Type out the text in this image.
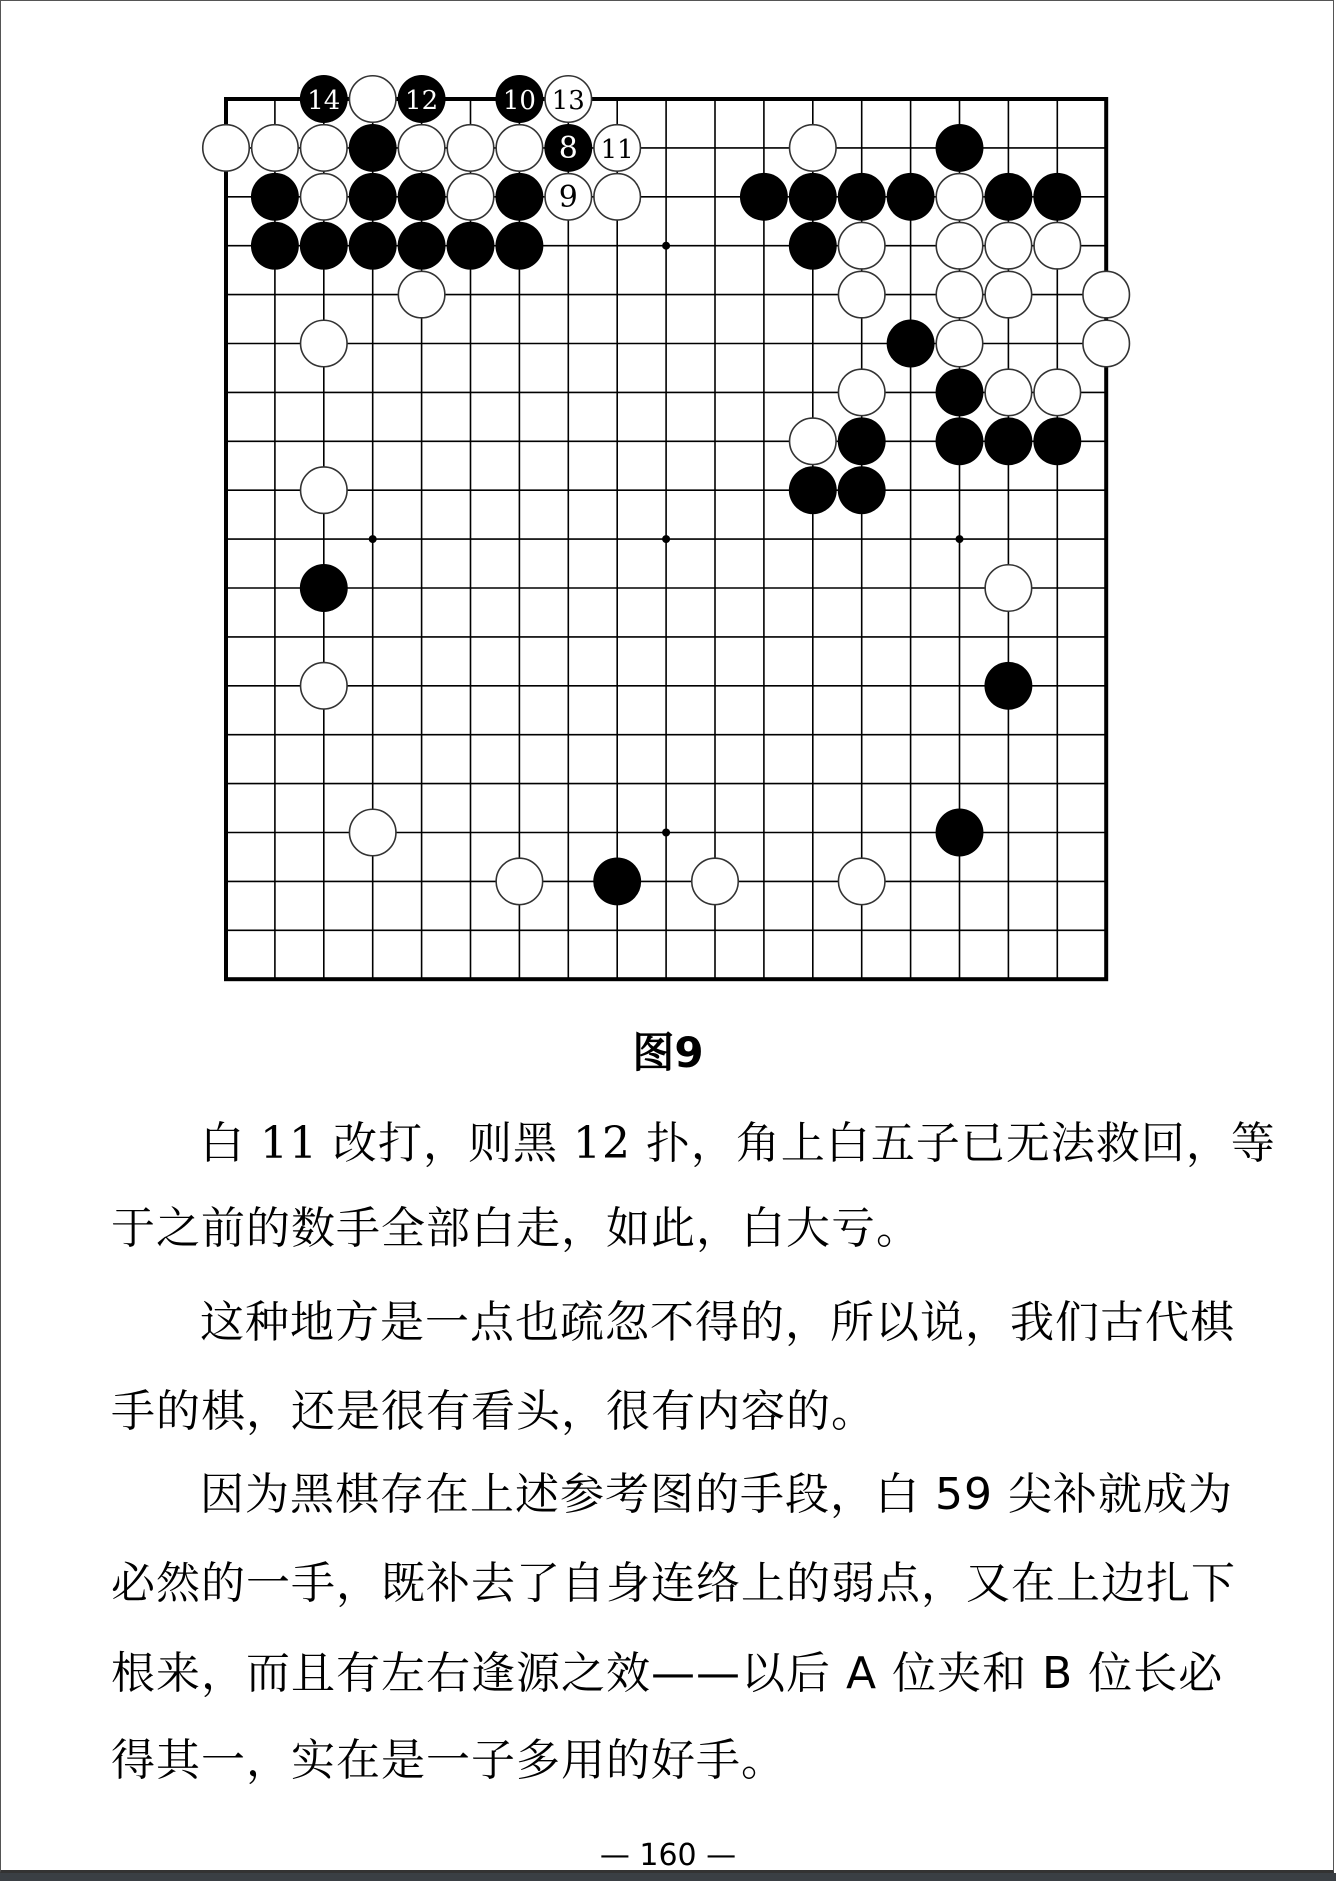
14 12 10 13
8 11
9
图9
白 11 改打，则黑 12 扑，角上白五子已无法救回，等
于之前的数手全部白走，如此，白大亏。
这种地方是一点也疏忽不得的，所以说，我们古代棋
手的棋，还是很有看头，很有内容的。
因为黑棋存在上述参考图的手段，白 59 尖补就成为
必然的一手，既补去了自身连络上的弱点，又在上边扎下
根来，而且有左右逢源之效——以后 A 位夹和 B 位长必
得其一，实在是一子多用的好手。
— 160 —
